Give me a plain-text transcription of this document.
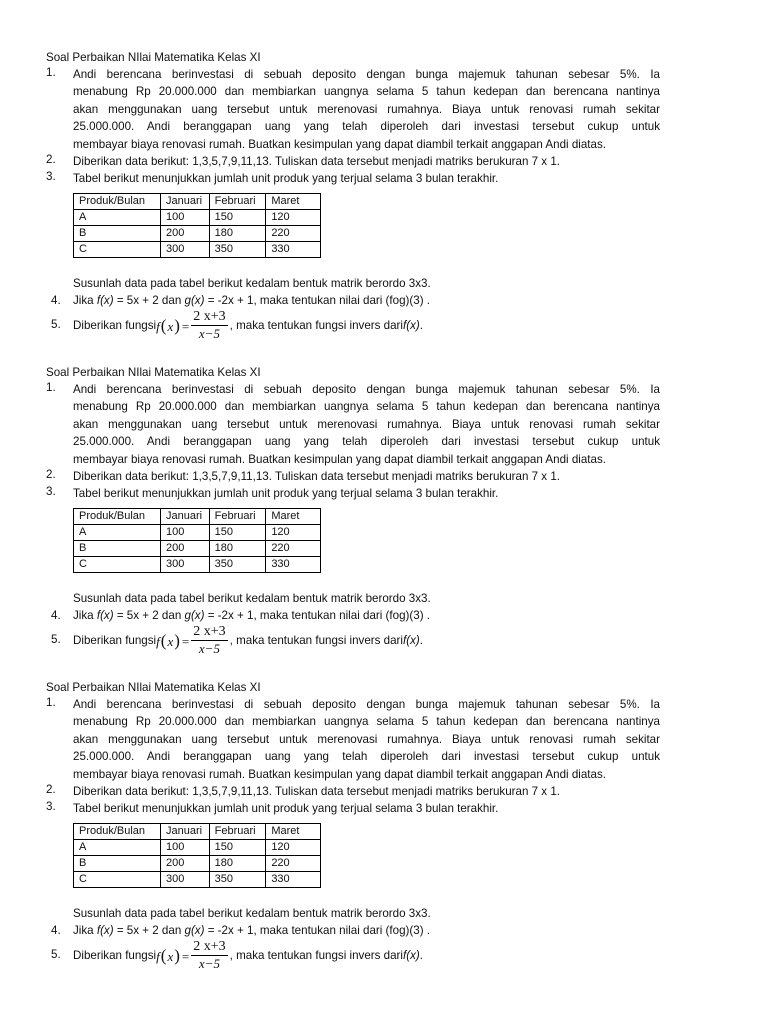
Soal Perbaikan NIlai Matematika Kelas XI
1. Andi berencana berinvestasi di sebuah deposito dengan bunga majemuk tahunan sebesar 5%. Ia
menabung Rp 20.000.000 dan membiarkan uangnya selama 5 tahun kedepan dan berencana nantinya
akan menggunakan uang tersebut untuk merenovasi rumahnya. Biaya untuk renovasi rumah sekitar
25.000.000. Andi beranggapan uang yang telah diperoleh dari investasi tersebut cukup untuk
membayar biaya renovasi rumah. Buatkan kesimpulan yang dapat diambil terkait anggapan Andi diatas.
2. Diberikan data berikut: 1,3,5,7,9,11,13. Tuliskan data tersebut menjadi matriks berukuran 7 x 1.
3. Tabel berikut menunjukkan jumlah unit produk yang terjual selama 3 bulan terakhir.
Produk/Bulan	Januari	Februari	Maret
A	100	150	120
B	200	180	220
C	300	350	330
Susunlah data pada tabel berikut kedalam bentuk matrik berordo 3x3.
4. Jika f(x) = 5x + 2 dan g(x) = -2x + 1, maka tentukan nilai dari (fog)(3) .
5. Diberikan fungsi $f(x) = \frac{2 x+3}{x-5}$ , maka tentukan fungsi invers dari f(x) .
Soal Perbaikan NIlai Matematika Kelas XI
1. Andi berencana berinvestasi di sebuah deposito dengan bunga majemuk tahunan sebesar 5%. Ia
menabung Rp 20.000.000 dan membiarkan uangnya selama 5 tahun kedepan dan berencana nantinya
akan menggunakan uang tersebut untuk merenovasi rumahnya. Biaya untuk renovasi rumah sekitar
25.000.000. Andi beranggapan uang yang telah diperoleh dari investasi tersebut cukup untuk
membayar biaya renovasi rumah. Buatkan kesimpulan yang dapat diambil terkait anggapan Andi diatas.
2. Diberikan data berikut: 1,3,5,7,9,11,13. Tuliskan data tersebut menjadi matriks berukuran 7 x 1.
3. Tabel berikut menunjukkan jumlah unit produk yang terjual selama 3 bulan terakhir.
Produk/Bulan	Januari	Februari	Maret
A	100	150	120
B	200	180	220
C	300	350	330
Susunlah data pada tabel berikut kedalam bentuk matrik berordo 3x3.
4. Jika f(x) = 5x + 2 dan g(x) = -2x + 1, maka tentukan nilai dari (fog)(3) .
5. Diberikan fungsi $f(x) = \frac{2 x+3}{x-5}$ , maka tentukan fungsi invers dari f(x) .
Soal Perbaikan NIlai Matematika Kelas XI
1. Andi berencana berinvestasi di sebuah deposito dengan bunga majemuk tahunan sebesar 5%. Ia
menabung Rp 20.000.000 dan membiarkan uangnya selama 5 tahun kedepan dan berencana nantinya
akan menggunakan uang tersebut untuk merenovasi rumahnya. Biaya untuk renovasi rumah sekitar
25.000.000. Andi beranggapan uang yang telah diperoleh dari investasi tersebut cukup untuk
membayar biaya renovasi rumah. Buatkan kesimpulan yang dapat diambil terkait anggapan Andi diatas.
2. Diberikan data berikut: 1,3,5,7,9,11,13. Tuliskan data tersebut menjadi matriks berukuran 7 x 1.
3. Tabel berikut menunjukkan jumlah unit produk yang terjual selama 3 bulan terakhir.
Produk/Bulan	Januari	Februari	Maret
A	100	150	120
B	200	180	220
C	300	350	330
Susunlah data pada tabel berikut kedalam bentuk matrik berordo 3x3.
4. Jika f(x) = 5x + 2 dan g(x) = -2x + 1, maka tentukan nilai dari (fog)(3) .
5. Diberikan fungsi $f(x) = \frac{2 x+3}{x-5}$ , maka tentukan fungsi invers dari f(x) .
